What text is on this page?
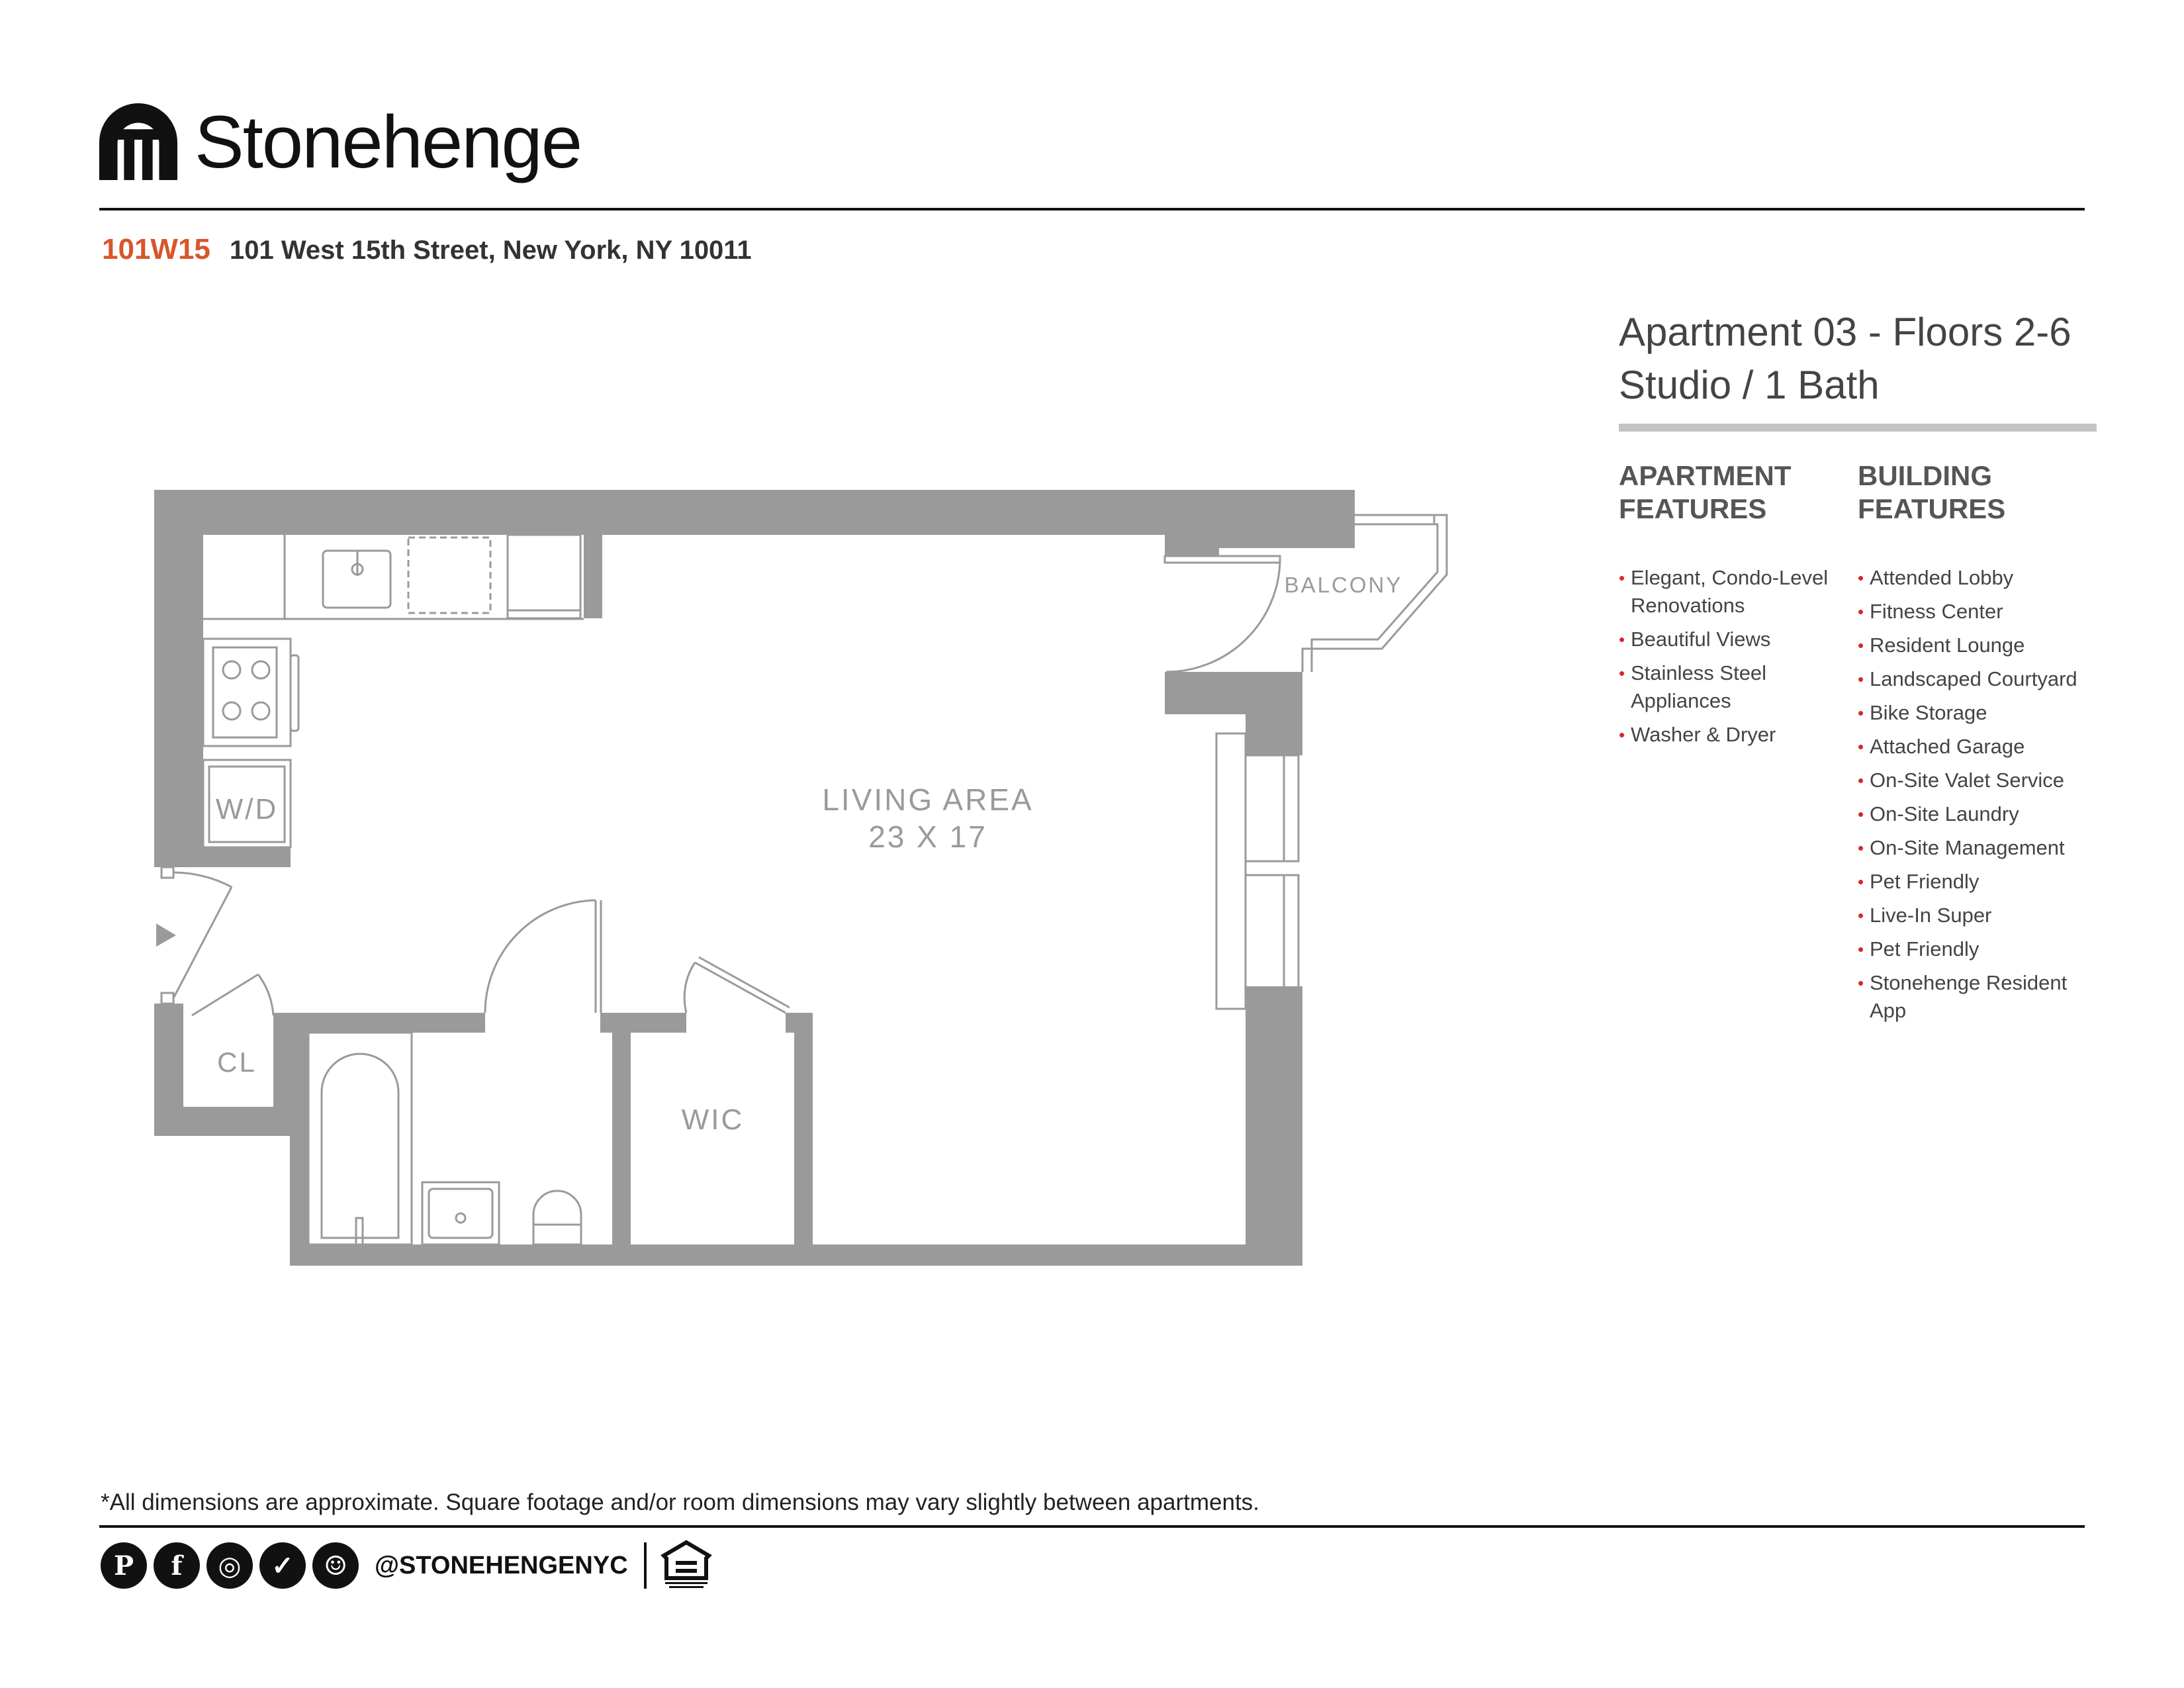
Stonehenge
101W15 101 West 15th Street, New York, NY 10011
Apartment 03 - Floors 2-6
Studio / 1 Bath
APARTMENT
FEATURES
• Elegant, Condo-Level Renovations
• Beautiful Views
• Stainless Steel Appliances
• Washer & Dryer
BUILDING
FEATURES
• Attended Lobby
• Fitness Center
• Resident Lounge
• Landscaped Courtyard
• Bike Storage
• Attached Garage
• On-Site Valet Service
• On-Site Laundry
• On-Site Management
• Pet Friendly
• Live-In Super
• Pet Friendly
• Stonehenge Resident App
BALCONY
W/D
CL
WIC
LIVING AREA
23 X 17
*All dimensions are approximate. Square footage and/or room dimensions may vary slightly between apartments.
P	f	◎	✓	☺	@STONEHENGENYC
